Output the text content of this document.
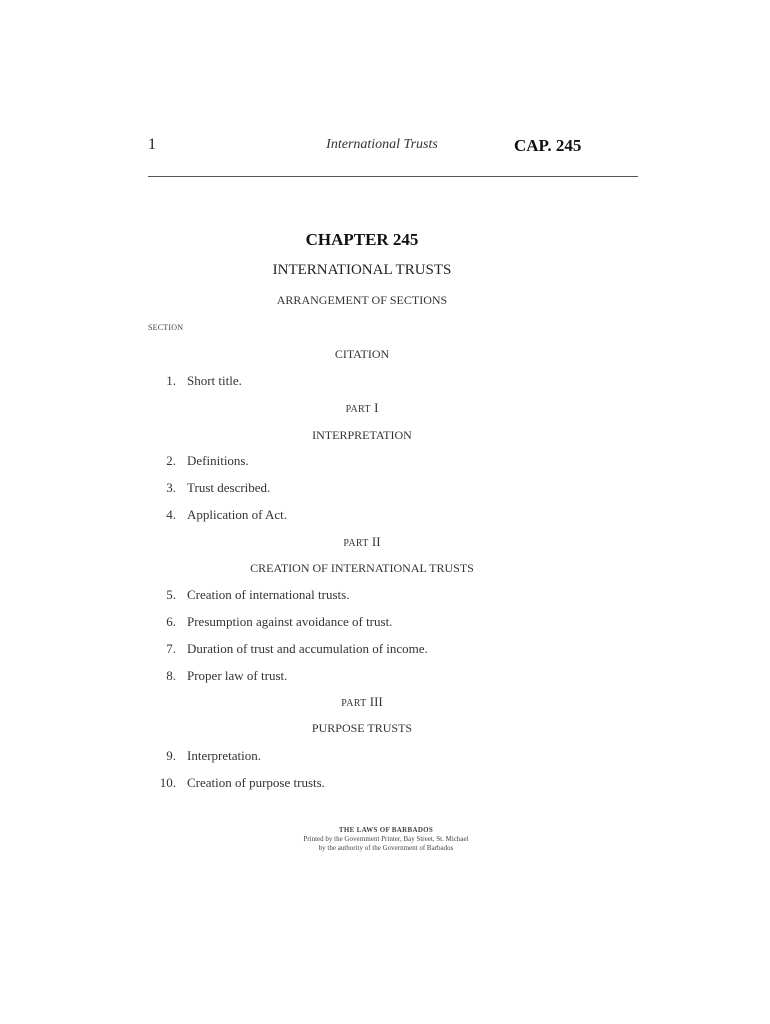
1	International Trusts	CAP. 245
CHAPTER 245
INTERNATIONAL TRUSTS
ARRANGEMENT OF SECTIONS
SECTION
CITATION
1. Short title.
PART I
INTERPRETATION
2. Definitions.
3. Trust described.
4. Application of Act.
PART II
CREATION OF INTERNATIONAL TRUSTS
5. Creation of international trusts.
6. Presumption against avoidance of trust.
7. Duration of trust and accumulation of income.
8. Proper law of trust.
PART III
PURPOSE TRUSTS
9. Interpretation.
10. Creation of purpose trusts.
THE LAWS OF BARBADOS
Printed by the Government Printer, Bay Street, St. Michael
by the authority of the Government of Barbados
